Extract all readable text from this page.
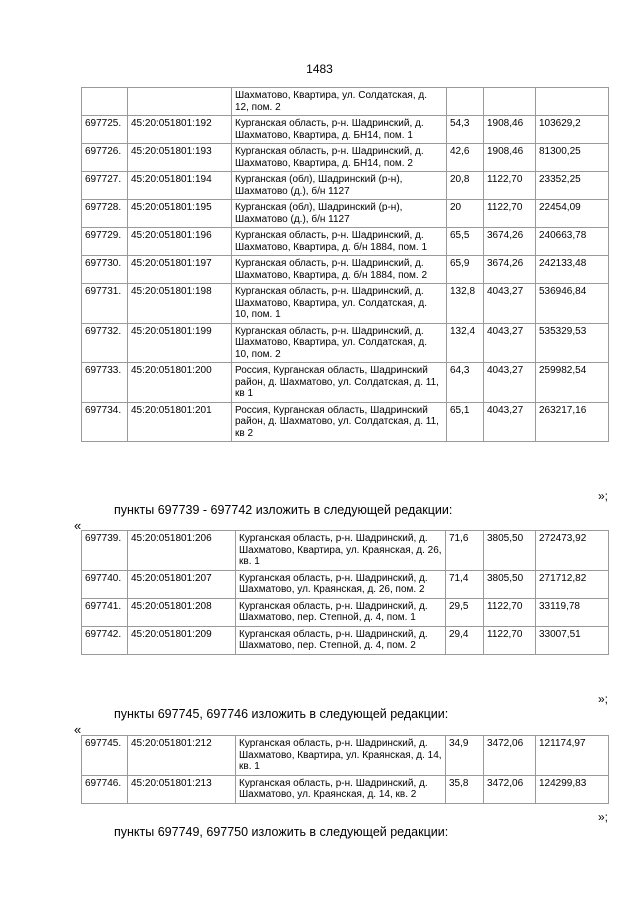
1483
		Шахматово, Квартира, ул. Солдатская, д. 12, пом. 2			
697725.	45:20:051801:192	Курганская область, р-н. Шадринский, д. Шахматово, Квартира, д. БН14, пом. 1	54,3	1908,46	103629,2
697726.	45:20:051801:193	Курганская область, р-н. Шадринский, д. Шахматово, Квартира, д. БН14, пом. 2	42,6	1908,46	81300,25
697727.	45:20:051801:194	Курганская (обл), Шадринский (р-н), Шахматово (д.), б/н 1127	20,8	1122,70	23352,25
697728.	45:20:051801:195	Курганская (обл), Шадринский (р-н), Шахматово (д.), б/н 1127	20	1122,70	22454,09
697729.	45:20:051801:196	Курганская область, р-н. Шадринский, д. Шахматово, Квартира, д. б/н 1884, пом. 1	65,5	3674,26	240663,78
697730.	45:20:051801:197	Курганская область, р-н. Шадринский, д. Шахматово, Квартира, д. б/н 1884, пом. 2	65,9	3674,26	242133,48
697731.	45:20:051801:198	Курганская область, р-н. Шадринский, д. Шахматово, Квартира, ул. Солдатская, д. 10, пом. 1	132,8	4043,27	536946,84
697732.	45:20:051801:199	Курганская область, р-н. Шадринский, д. Шахматово, Квартира, ул. Солдатская, д. 10, пом. 2	132,4	4043,27	535329,53
697733.	45:20:051801:200	Россия, Курганская область, Шадринский район, д. Шахматово, ул. Солдатская, д. 11, кв 1	64,3	4043,27	259982,54
697734.	45:20:051801:201	Россия, Курганская область, Шадринский район, д. Шахматово, ул. Солдатская, д. 11, кв 2	65,1	4043,27	263217,16
»;
пункты 697739 - 697742 изложить в следующей редакции:
«
697739.	45:20:051801:206	Курганская область, р-н. Шадринский, д. Шахматово, Квартира, ул. Краянская, д. 26, кв. 1	71,6	3805,50	272473,92
697740.	45:20:051801:207	Курганская область, р-н. Шадринский, д. Шахматово, ул. Краянская, д. 26, пом. 2	71,4	3805,50	271712,82
697741.	45:20:051801:208	Курганская область, р-н. Шадринский, д. Шахматово, пер. Степной, д. 4, пом. 1	29,5	1122,70	33119,78
697742.	45:20:051801:209	Курганская область, р-н. Шадринский, д. Шахматово, пер. Степной, д. 4, пом. 2	29,4	1122,70	33007,51
»;
пункты 697745, 697746 изложить в следующей редакции:
«
697745.	45:20:051801:212	Курганская область, р-н. Шадринский, д. Шахматово, Квартира, ул. Краянская, д. 14, кв. 1	34,9	3472,06	121174,97
697746.	45:20:051801:213	Курганская область, р-н. Шадринский, д. Шахматово, ул. Краянская, д. 14, кв. 2	35,8	3472,06	124299,83
»;
пункты 697749, 697750 изложить в следующей редакции:
